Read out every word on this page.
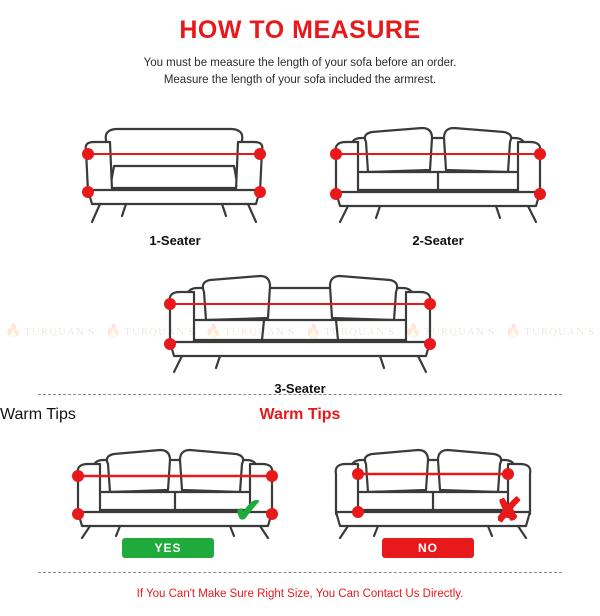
HOW TO MEASURE
You must be measure the length of your sofa before an order.
Measure the length of your sofa included the armrest.
1-Seater	2-Seater
3-Seater
🔥 TURQUAN'S 🔥 TURQUAN'S	TURQUAN'S 🔥 TURQUAN'S
Warm Tips	Warm Tips
✔
YES
✘
NO
If You Can't Make Sure Right Size, You Can Contact Us Directly.
